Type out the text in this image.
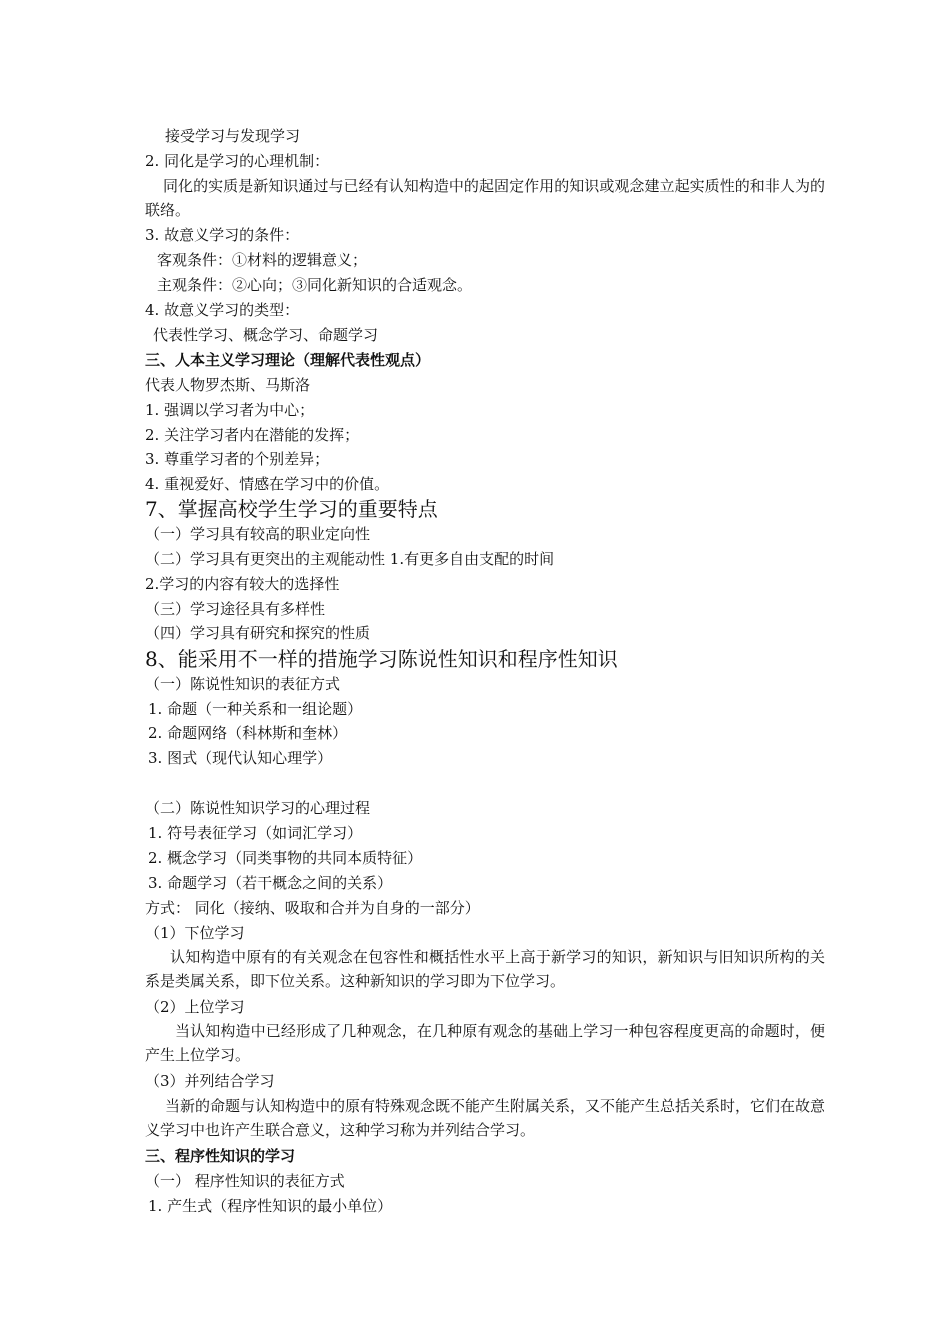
接受学习与发现学习
2. 同化是学习的心理机制：
同化的实质是新知识通过与已经有认知构造中的起固定作用的知识或观念建立起实质性的和非人为的联络。
3. 故意义学习的条件：
客观条件：①材料的逻辑意义；
主观条件：②心向；③同化新知识的合适观念。
4. 故意义学习的类型：
代表性学习、概念学习、命题学习
三、人本主义学习理论（理解代表性观点）
代表人物罗杰斯、马斯洛
1. 强调以学习者为中心；
2. 关注学习者内在潜能的发挥；
3. 尊重学习者的个别差异；
4. 重视爱好、情感在学习中的价值。
7、掌握高校学生学习的重要特点
（一）学习具有较高的职业定向性
（二）学习具有更突出的主观能动性 1.有更多自由支配的时间
2.学习的内容有较大的选择性
（三）学习途径具有多样性
（四）学习具有研究和探究的性质
8、能采用不一样的措施学习陈说性知识和程序性知识
（一）陈说性知识的表征方式
1. 命题（一种关系和一组论题）
2. 命题网络（科林斯和奎林）
3. 图式（现代认知心理学）
（二）陈说性知识学习的心理过程
1. 符号表征学习（如词汇学习）
2. 概念学习（同类事物的共同本质特征）
3. 命题学习（若干概念之间的关系）
方式： 同化（接纳、吸取和合并为自身的一部分）
（1）下位学习
认知构造中原有的有关观念在包容性和概括性水平上高于新学习的知识，新知识与旧知识所构的关系是类属关系，即下位关系。这种新知识的学习即为下位学习。
（2）上位学习
当认知构造中已经形成了几种观念，在几种原有观念的基础上学习一种包容程度更高的命题时，便产生上位学习。
（3）并列结合学习
当新的命题与认知构造中的原有特殊观念既不能产生附属关系，又不能产生总括关系时，它们在故意义学习中也许产生联合意义，这种学习称为并列结合学习。
三、程序性知识的学习
（一） 程序性知识的表征方式
1. 产生式（程序性知识的最小单位）
